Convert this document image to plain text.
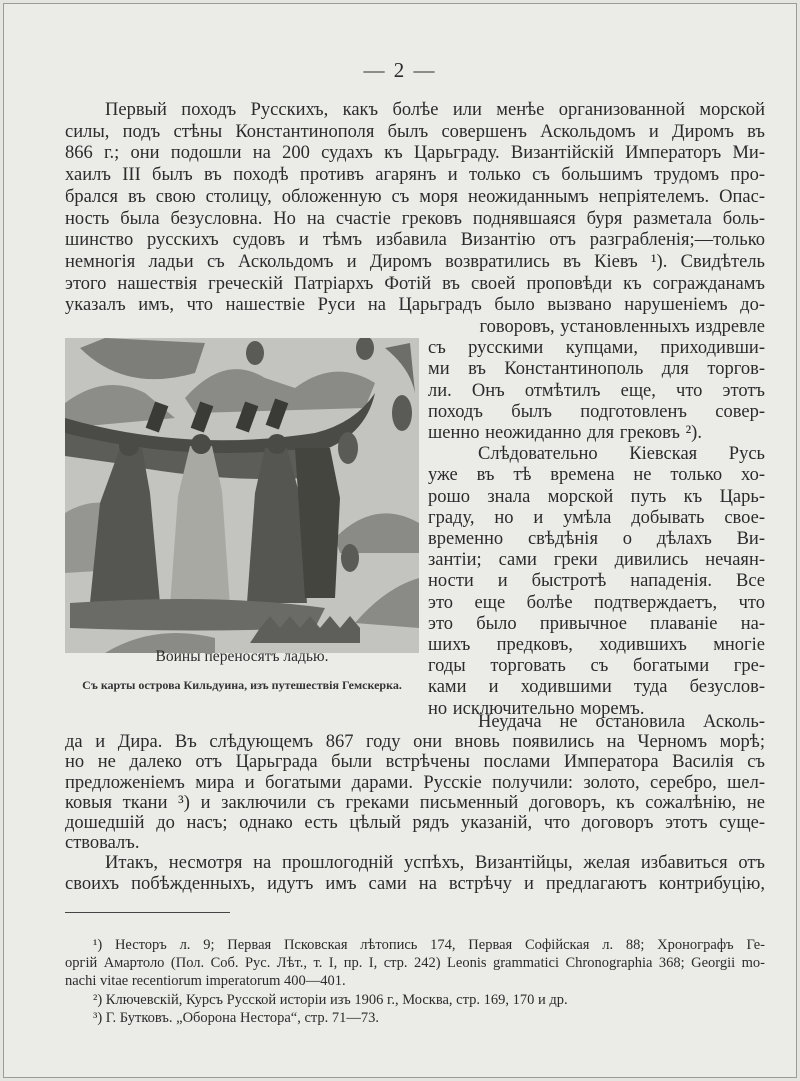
— 2 —
Первый походъ Русскихъ, какъ болѣе или менѣе организованной морской
силы, подъ стѣны Константинополя былъ совершенъ Аскольдомъ и Диромъ въ
866 г.; они подошли на 200 судахъ къ Царьграду. Византійскій Императоръ Ми-
хаилъ III былъ въ походѣ противъ агарянъ и только съ большимъ трудомъ про-
брался въ свою столицу, обложенную съ моря неожиданнымъ непріятелемъ. Опас-
ность была безусловна. Но на счастіе грековъ поднявшаяся буря разметала боль-
шинство русскихъ судовъ и тѣмъ избавила Византію отъ разграбленія;—только
немногія ладьи съ Аскольдомъ и Диромъ возвратились въ Кіевъ ¹). Свидѣтель
этого нашествія греческій Патріархъ Фотій въ своей проповѣди къ согражданамъ
указалъ имъ, что нашествіе Руси на Царьградъ было вызвано нарушеніемъ до-
говоровъ, установленныхъ издревле
съ русскими купцами, приходивши-
ми въ Константинополь для торгов-
ли. Онъ отмѣтилъ еще, что этотъ
походъ былъ подготовленъ совер-
шенно неожиданно для грековъ ²).
Слѣдовательно Кіевская Русь
уже въ тѣ времена не только хо-
рошо знала морской путь къ Царь-
граду, но и умѣла добывать свое-
временно свѣдѣнія о дѣлахъ Ви-
зантіи; сами греки дивились нечаян-
ности и быстротѣ нападенія. Все
это еще болѣе подтверждаетъ, что
это было привычное плаваніе на-
шихъ предковъ, ходившихъ многіе
годы торговать съ богатыми гре-
ками и ходившими туда безуслов-
но исключительно моремъ.
Неудача не остановила Асколь-
да и Дира. Въ слѣдующемъ 867 году они вновь появились на Черномъ морѣ;
но не далеко отъ Царьграда были встрѣчены послами Императора Василія съ
предложеніемъ мира и богатыми дарами. Русскіе получили: золото, серебро, шел-
ковыя ткани ³) и заключили съ греками письменный договоръ, къ сожалѣнію, не
дошедшій до насъ; однако есть цѣлый рядъ указаній, что договоръ этотъ суще-
ствовалъ.
Итакъ, несмотря на прошлогодній успѣхъ, Византійцы, желая избавиться отъ
своихъ побѣжденныхъ, идутъ имъ сами на встрѣчу и предлагаютъ контрибуцію,
Воины переносятъ ладью.
Съ карты острова Кильдуина, изъ путешествія Гемскерка.
¹) Несторъ л. 9; Первая Псковская лѣтопись 174, Первая Софійская л. 88; Хронографъ Ге-
оргій Амартоло (Пол. Соб. Рус. Лѣт., т. I, пр. I, стр. 242) Leonis grammatici Chronographia 368; Georgii mo-
nachi vitae recentiorum imperatorum 400—401.
²) Ключевскій, Курсъ Русской исторіи изъ 1906 г., Москва, стр. 169, 170 и др.
³) Г. Бутковъ. „Оборона Нестора“, стр. 71—73.
